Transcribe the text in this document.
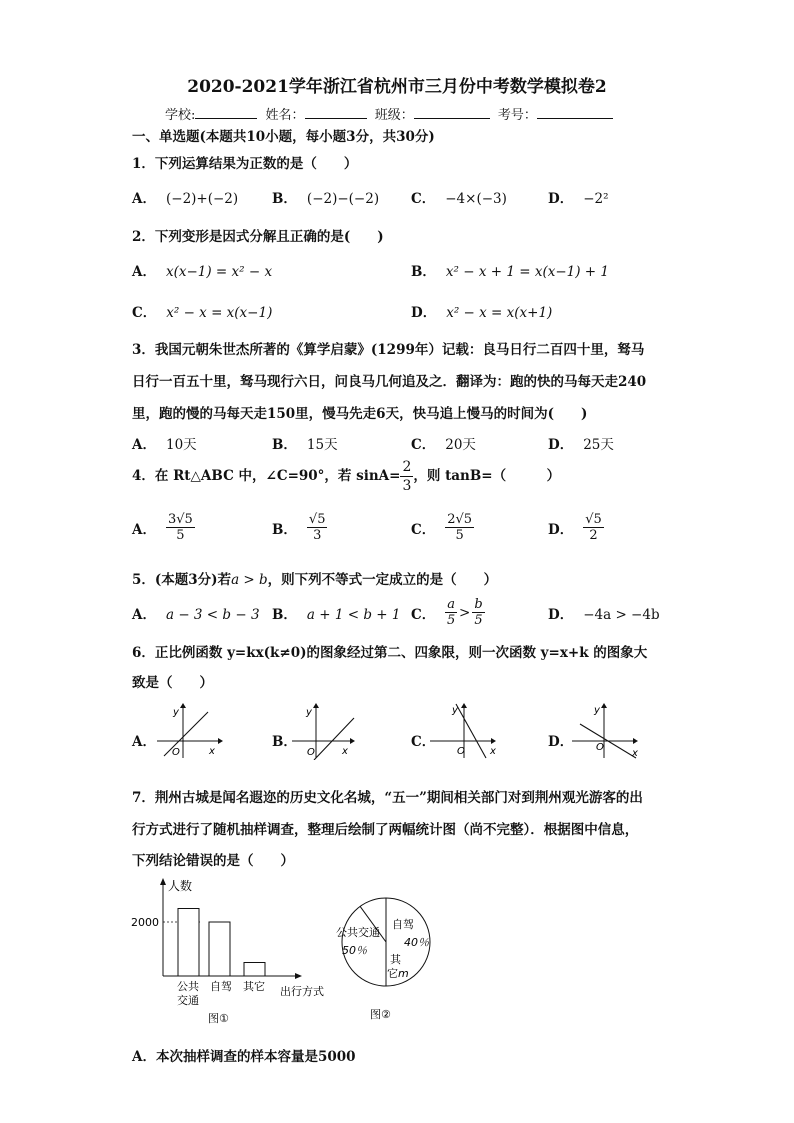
2020-2021学年浙江省杭州市三月份中考数学模拟卷2
学校:	姓名：	班级：	考号：
一、单选题(本题共10小题，每小题3分，共30分)
1．下列运算结果为正数的是（　　）
A． (−2)+(−2)	B． (−2)−(−2) C． −4×(−3)	D． −2²
2．下列变形是因式分解且正确的是(　　)
A． x(x−1) = x² − x	B． x² − x + 1 = x(x−1) + 1
C． x² − x = x(x−1)	D． x² − x = x(x+1)
3．我国元朝朱世杰所著的《算学启蒙》(1299年）记载：良马日行二百四十里，驽马
日行一百五十里，驽马现行六日，问良马几何追及之．翻译为：跑的快的马每天走240
里，跑的慢的马每天走150里，慢马先走6天，快马追上慢马的时间为(　　)
A． 10天	B． 15天	C． 20天	D． 25天
4．在 Rt△ABC 中，∠C=90°，若 $\sin A= \frac{2}{3}$ ，则 tanB=（　　　）
A． $\frac{3√5}{5}$	B． $\frac{√5}{3}$	C． $\frac{2√5}{5}$	D． $\frac{√5}{2}$
5．(本题3分)若a > b，则下列不等式一定成立的是（　　）
A． a − 3 < b − 3 B． a + 1 < b + 1 C． $\frac{a}{5} > \frac{b}{5}$	D． −4a > −4b
6．正比例函数 y=kx(k≠0)的图象经过第二、四象限，则一次函数 y=x+k 的图象大
致是（　　）
A．
y
x
O
B．
y
x
O
C．
y
x
O
D．
y
x
O
7．荆州古城是闻名遐迩的历史文化名城，“五一”期间相关部门对到荆州观光游客的出
行方式进行了随机抽样调查，整理后绘制了两幅统计图（尚不完整）．根据图中信息，
下列结论错误的是（　　）
人数
2000
公共
交通
自驾 其它 出行方式
图①
公共交通
50％
自驾
40％
其
它m
图②
A．本次抽样调查的样本容量是5000
